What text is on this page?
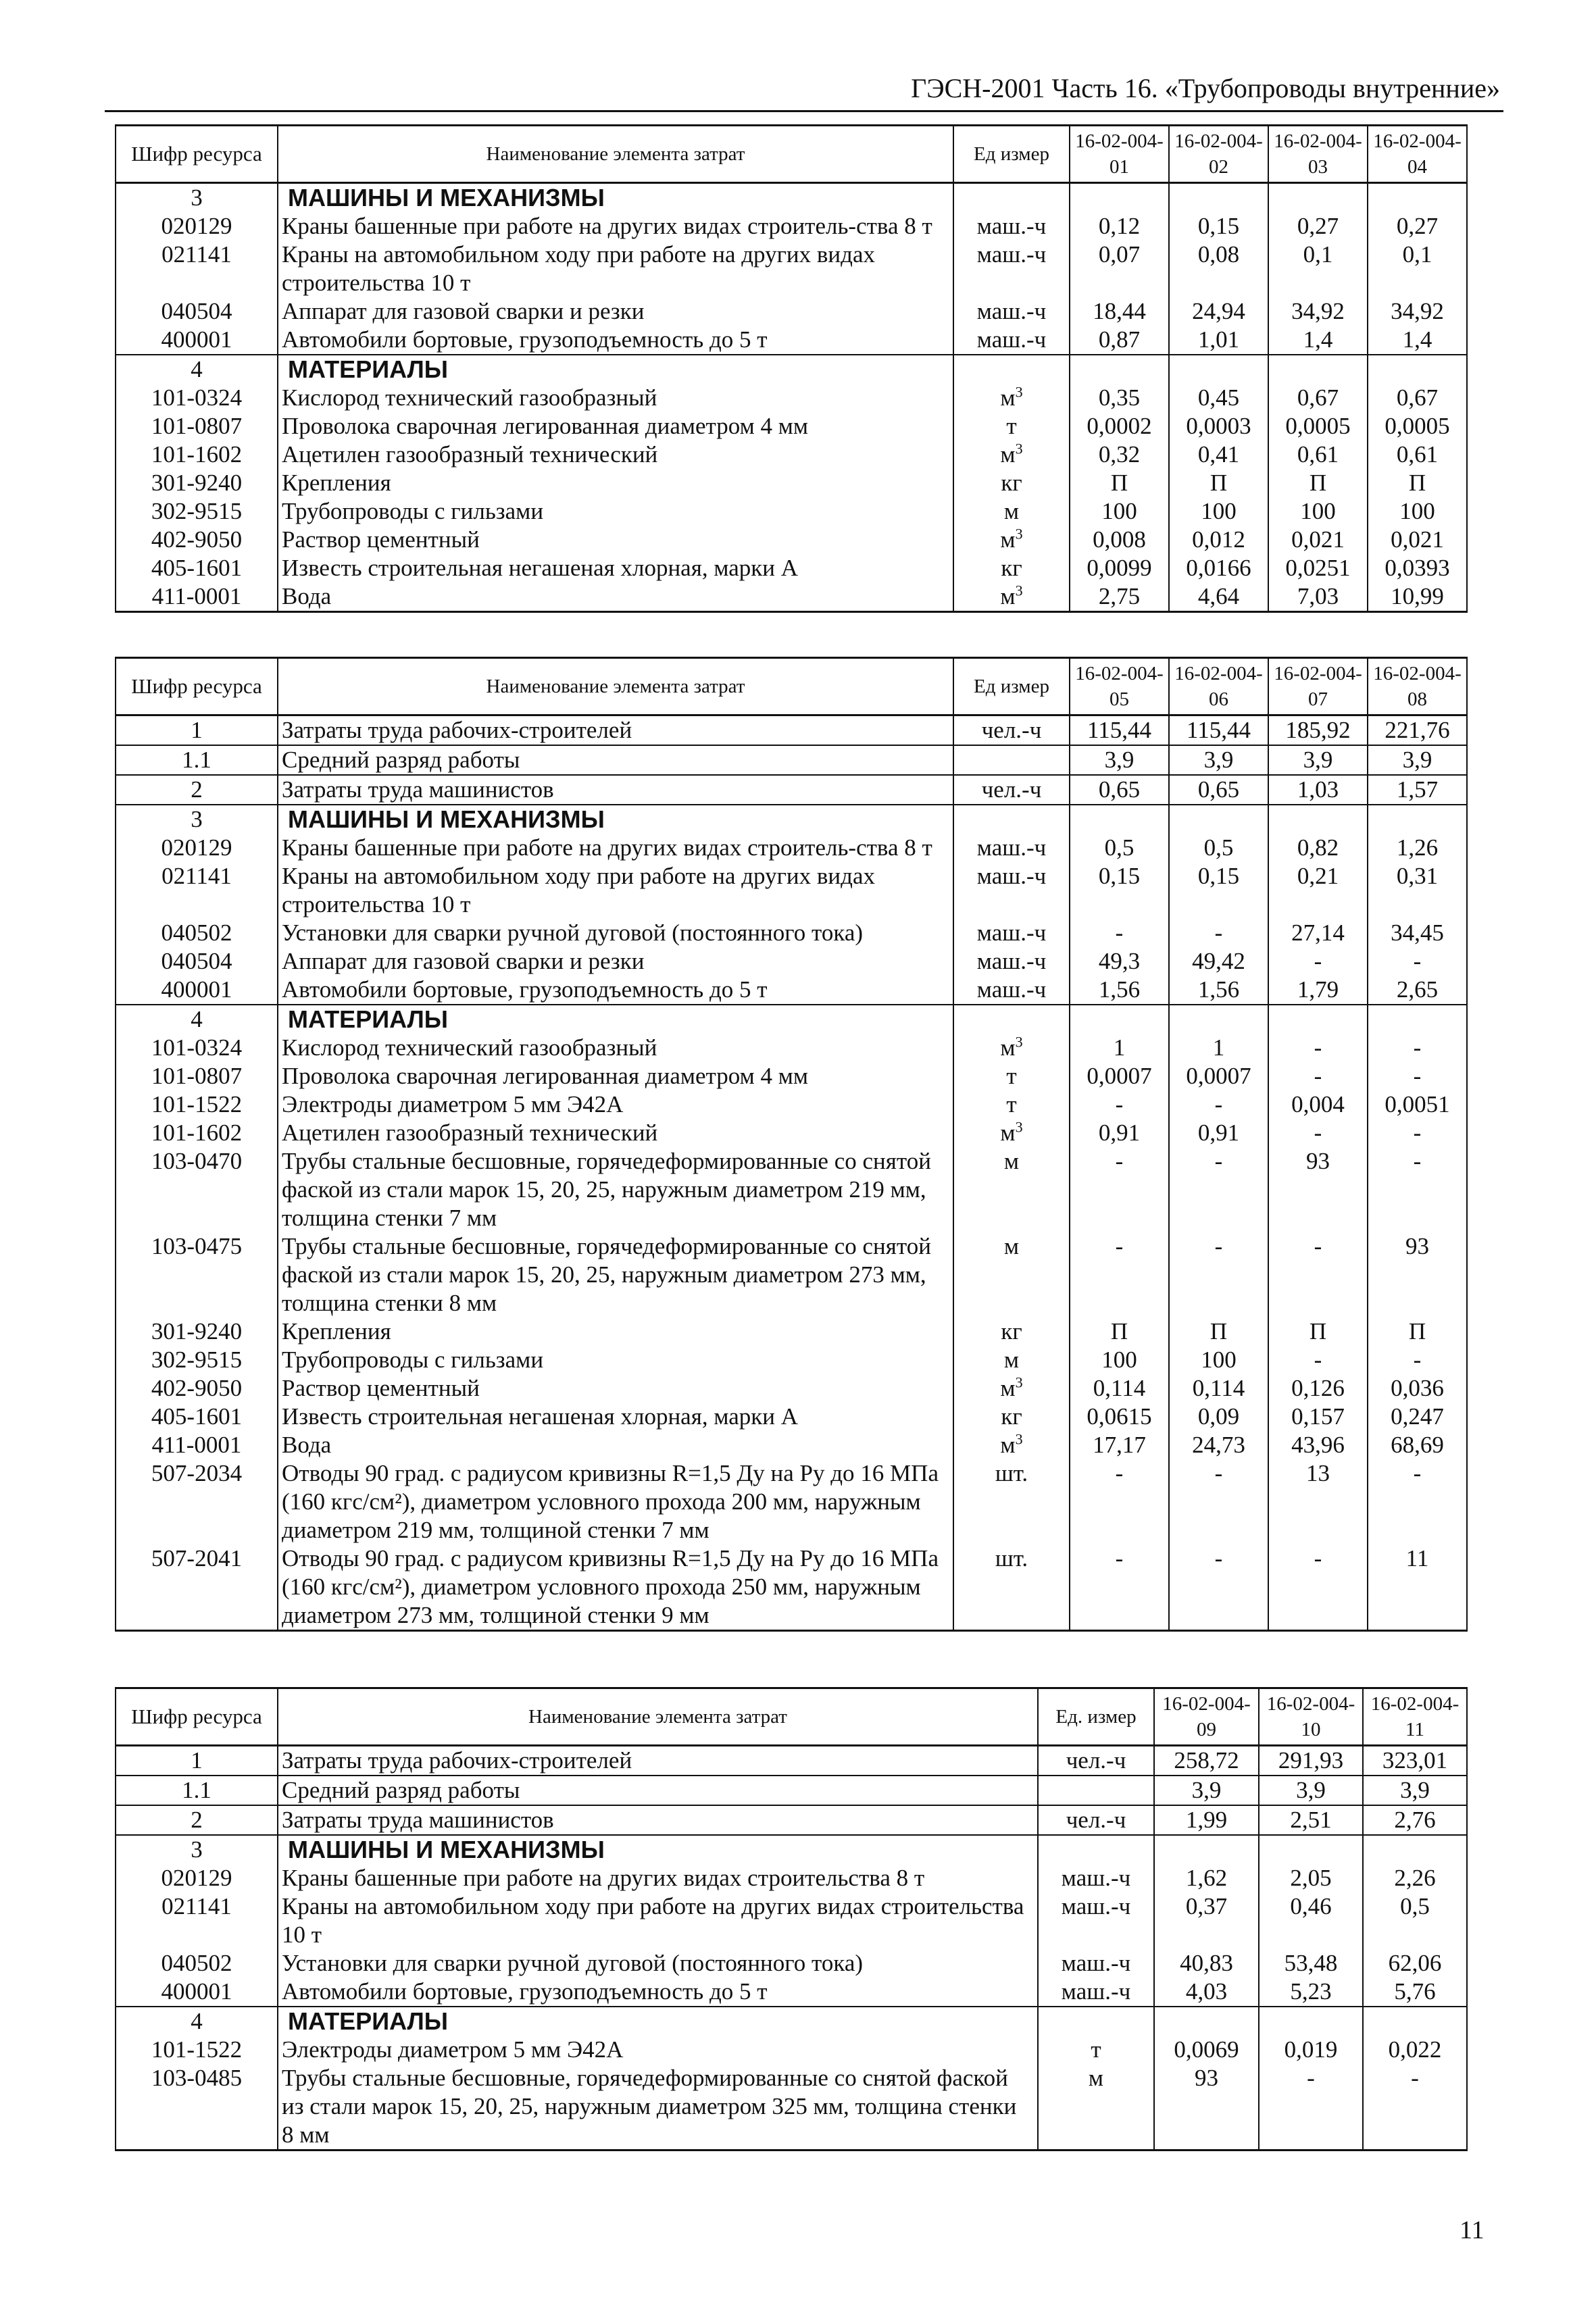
ГЭСН-2001 Часть 16. «Трубопроводы внутренние»
Шифр ресурса	Наименование элемента затрат	Ед измер	16-02-004-01	16-02-004-02	16-02-004-03	16-02-004-04
3	МАШИНЫ И МЕХАНИЗМЫ					
020129	Краны башенные при работе на других видах строитель-ства 8 т	маш.-ч	0,12	0,15	0,27	0,27
021141	Краны на автомобильном ходу при работе на других видах строительства 10 т	маш.-ч	0,07	0,08	0,1	0,1
040504	Аппарат для газовой сварки и резки	маш.-ч	18,44	24,94	34,92	34,92
400001	Автомобили бортовые, грузоподъемность до 5 т	маш.-ч	0,87	1,01	1,4	1,4
4	МАТЕРИАЛЫ					
101-0324	Кислород технический газообразный	$м^3$	0,35	0,45	0,67	0,67
101-0807	Проволока сварочная легированная диаметром 4 мм	т	0,0002	0,0003	0,0005	0,0005
101-1602	Ацетилен газообразный технический	$м^3$	0,32	0,41	0,61	0,61
301-9240	Крепления	кг	П	П	П	П
302-9515	Трубопроводы с гильзами	м	100	100	100	100
402-9050	Раствор цементный	$м^3$	0,008	0,012	0,021	0,021
405-1601	Известь строительная негашеная хлорная, марки А	кг	0,0099	0,0166	0,0251	0,0393
411-0001	Вода	$м^3$	2,75	4,64	7,03	10,99
Шифр ресурса	Наименование элемента затрат	Ед измер	16-02-004-05	16-02-004-06	16-02-004-07	16-02-004-08
1	Затраты труда рабочих-строителей	чел.-ч	115,44	115,44	185,92	221,76
1.1	Средний разряд работы		3,9	3,9	3,9	3,9
2	Затраты труда машинистов	чел.-ч	0,65	0,65	1,03	1,57
3	МАШИНЫ И МЕХАНИЗМЫ					
020129	Краны башенные при работе на других видах строитель-ства 8 т	маш.-ч	0,5	0,5	0,82	1,26
021141	Краны на автомобильном ходу при работе на других видах строительства 10 т	маш.-ч	0,15	0,15	0,21	0,31
040502	Установки для сварки ручной дуговой (постоянного тока)	маш.-ч	-	-	27,14	34,45
040504	Аппарат для газовой сварки и резки	маш.-ч	49,3	49,42	-	-
400001	Автомобили бортовые, грузоподъемность до 5 т	маш.-ч	1,56	1,56	1,79	2,65
4	МАТЕРИАЛЫ					
101-0324	Кислород технический газообразный	$м^3$	1	1	-	-
101-0807	Проволока сварочная легированная диаметром 4 мм	т	0,0007	0,0007	-	-
101-1522	Электроды диаметром 5 мм Э42А	т	-	-	0,004	0,0051
101-1602	Ацетилен газообразный технический	$м^3$	0,91	0,91	-	-
103-0470	Трубы стальные бесшовные, горячедеформированные со снятой фаской из стали марок 15, 20, 25, наружным диаметром 219 мм, толщина стенки 7 мм	м	-	-	93	-
103-0475	Трубы стальные бесшовные, горячедеформированные со снятой фаской из стали марок 15, 20, 25, наружным диаметром 273 мм, толщина стенки 8 мм	м	-	-	-	93
301-9240	Крепления	кг	П	П	П	П
302-9515	Трубопроводы с гильзами	м	100	100	-	-
402-9050	Раствор цементный	$м^3$	0,114	0,114	0,126	0,036
405-1601	Известь строительная негашеная хлорная, марки А	кг	0,0615	0,09	0,157	0,247
411-0001	Вода	$м^3$	17,17	24,73	43,96	68,69
507-2034	Отводы 90 град. с радиусом кривизны R=1,5 Ду на Ру до 16 МПа (160 кгс/см²), диаметром условного прохода 200 мм, наружным диаметром 219 мм, толщиной стенки 7 мм	шт.	-	-	13	-
507-2041	Отводы 90 град. с радиусом кривизны R=1,5 Ду на Ру до 16 МПа (160 кгс/см²), диаметром условного прохода 250 мм, наружным диаметром 273 мм, толщиной стенки 9 мм	шт.	-	-	-	11
Шифр ресурса	Наименование элемента затрат	Ед. измер	16-02-004-09	16-02-004-10	16-02-004-11
1	Затраты труда рабочих-строителей	чел.-ч	258,72	291,93	323,01
1.1	Средний разряд работы		3,9	3,9	3,9
2	Затраты труда машинистов	чел.-ч	1,99	2,51	2,76
3	МАШИНЫ И МЕХАНИЗМЫ				
020129	Краны башенные при работе на других видах строительства 8 т	маш.-ч	1,62	2,05	2,26
021141	Краны на автомобильном ходу при работе на других видах строительства 10 т	маш.-ч	0,37	0,46	0,5
040502	Установки для сварки ручной дуговой (постоянного тока)	маш.-ч	40,83	53,48	62,06
400001	Автомобили бортовые, грузоподъемность до 5 т	маш.-ч	4,03	5,23	5,76
4	МАТЕРИАЛЫ				
101-1522	Электроды диаметром 5 мм Э42А	т	0,0069	0,019	0,022
103-0485	Трубы стальные бесшовные, горячедеформированные со снятой фаской из стали марок 15, 20, 25, наружным диаметром 325 мм, толщина стенки 8 мм	м	93	-	-
11
